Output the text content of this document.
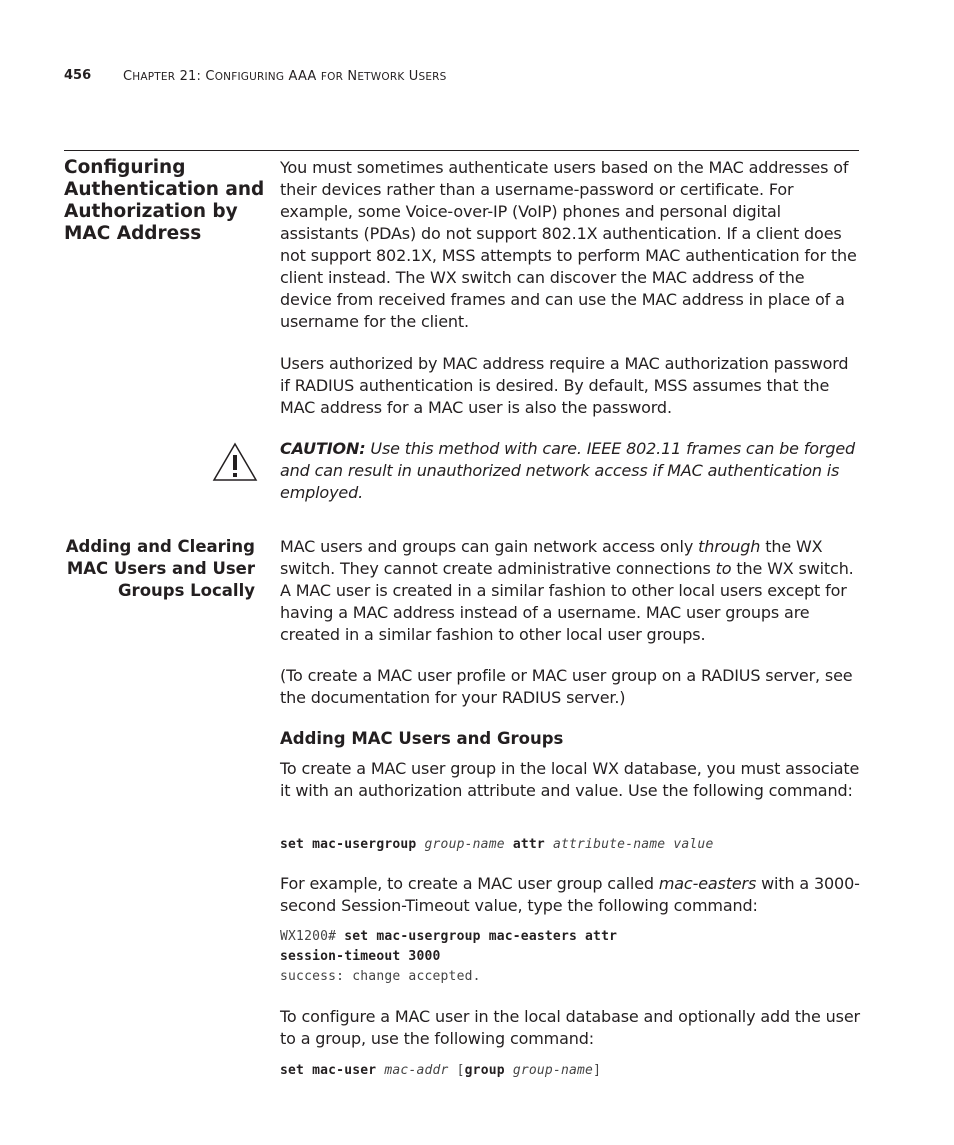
456 CHAPTER 21: CONFIGURING AAA FOR NETWORK USERS
Configuring Authentication and Authorization by MAC Address
You must sometimes authenticate users based on the MAC addresses of their devices rather than a username-password or certificate. For example, some Voice-over-IP (VoIP) phones and personal digital assistants (PDAs) do not support 802.1X authentication. If a client does not support 802.1X, MSS attempts to perform MAC authentication for the client instead. The WX switch can discover the MAC address of the device from received frames and can use the MAC address in place of a username for the client.
Users authorized by MAC address require a MAC authorization password if RADIUS authentication is desired. By default, MSS assumes that the MAC address for a MAC user is also the password.
CAUTION: Use this method with care. IEEE 802.11 frames can be forged and can result in unauthorized network access if MAC authentication is employed.
Adding and Clearing MAC Users and User Groups Locally
MAC users and groups can gain network access only through the WX switch. They cannot create administrative connections to the WX switch. A MAC user is created in a similar fashion to other local users except for having a MAC address instead of a username. MAC user groups are created in a similar fashion to other local user groups.
(To create a MAC user profile or MAC user group on a RADIUS server, see the documentation for your RADIUS server.)
Adding MAC Users and Groups
To create a MAC user group in the local WX database, you must associate it with an authorization attribute and value. Use the following command:
set mac-usergroup group-name attr attribute-name value
For example, to create a MAC user group called mac-easters with a 3000-second Session-Timeout value, type the following command:
WX1200# set mac-usergroup mac-easters attr
session-timeout 3000
success: change accepted.
To configure a MAC user in the local database and optionally add the user to a group, use the following command:
set mac-user mac-addr [group group-name]
